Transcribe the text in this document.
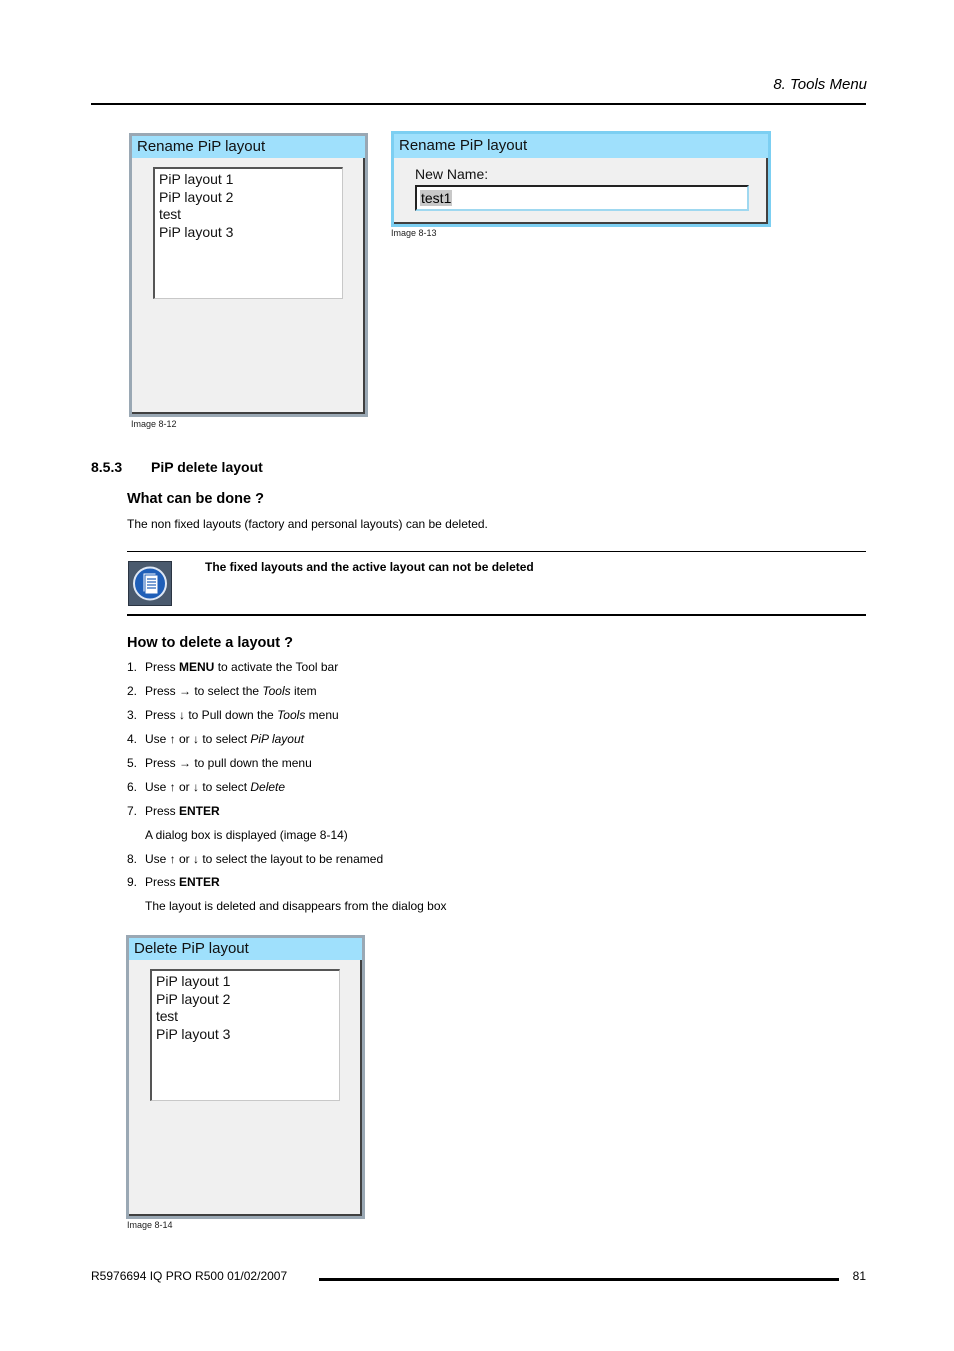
8. Tools Menu
Rename PiP layout
PiP layout 1
PiP layout 2
test
PiP layout 3
Image 8-12
Rename PiP layout
New Name:
test1
Image 8-13
8.5.3 PiP delete layout
What can be done ?
The non fixed layouts (factory and personal layouts) can be deleted.
The fixed layouts and the active layout can not be deleted
How to delete a layout ?
1. Press MENU to activate the Tool bar
2. Press → to select the Tools item
3. Press ↓ to Pull down the Tools menu
4. Use ↑ or ↓ to select PiP layout
5. Press → to pull down the menu
6. Use ↑ or ↓ to select Delete
7. Press ENTER
A dialog box is displayed (image 8-14)
8. Use ↑ or ↓ to select the layout to be renamed
9. Press ENTER
The layout is deleted and disappears from the dialog box
Delete PiP layout
PiP layout 1
PiP layout 2
test
PiP layout 3
Image 8-14
R5976694 IQ PRO R500 01/02/2007	81
